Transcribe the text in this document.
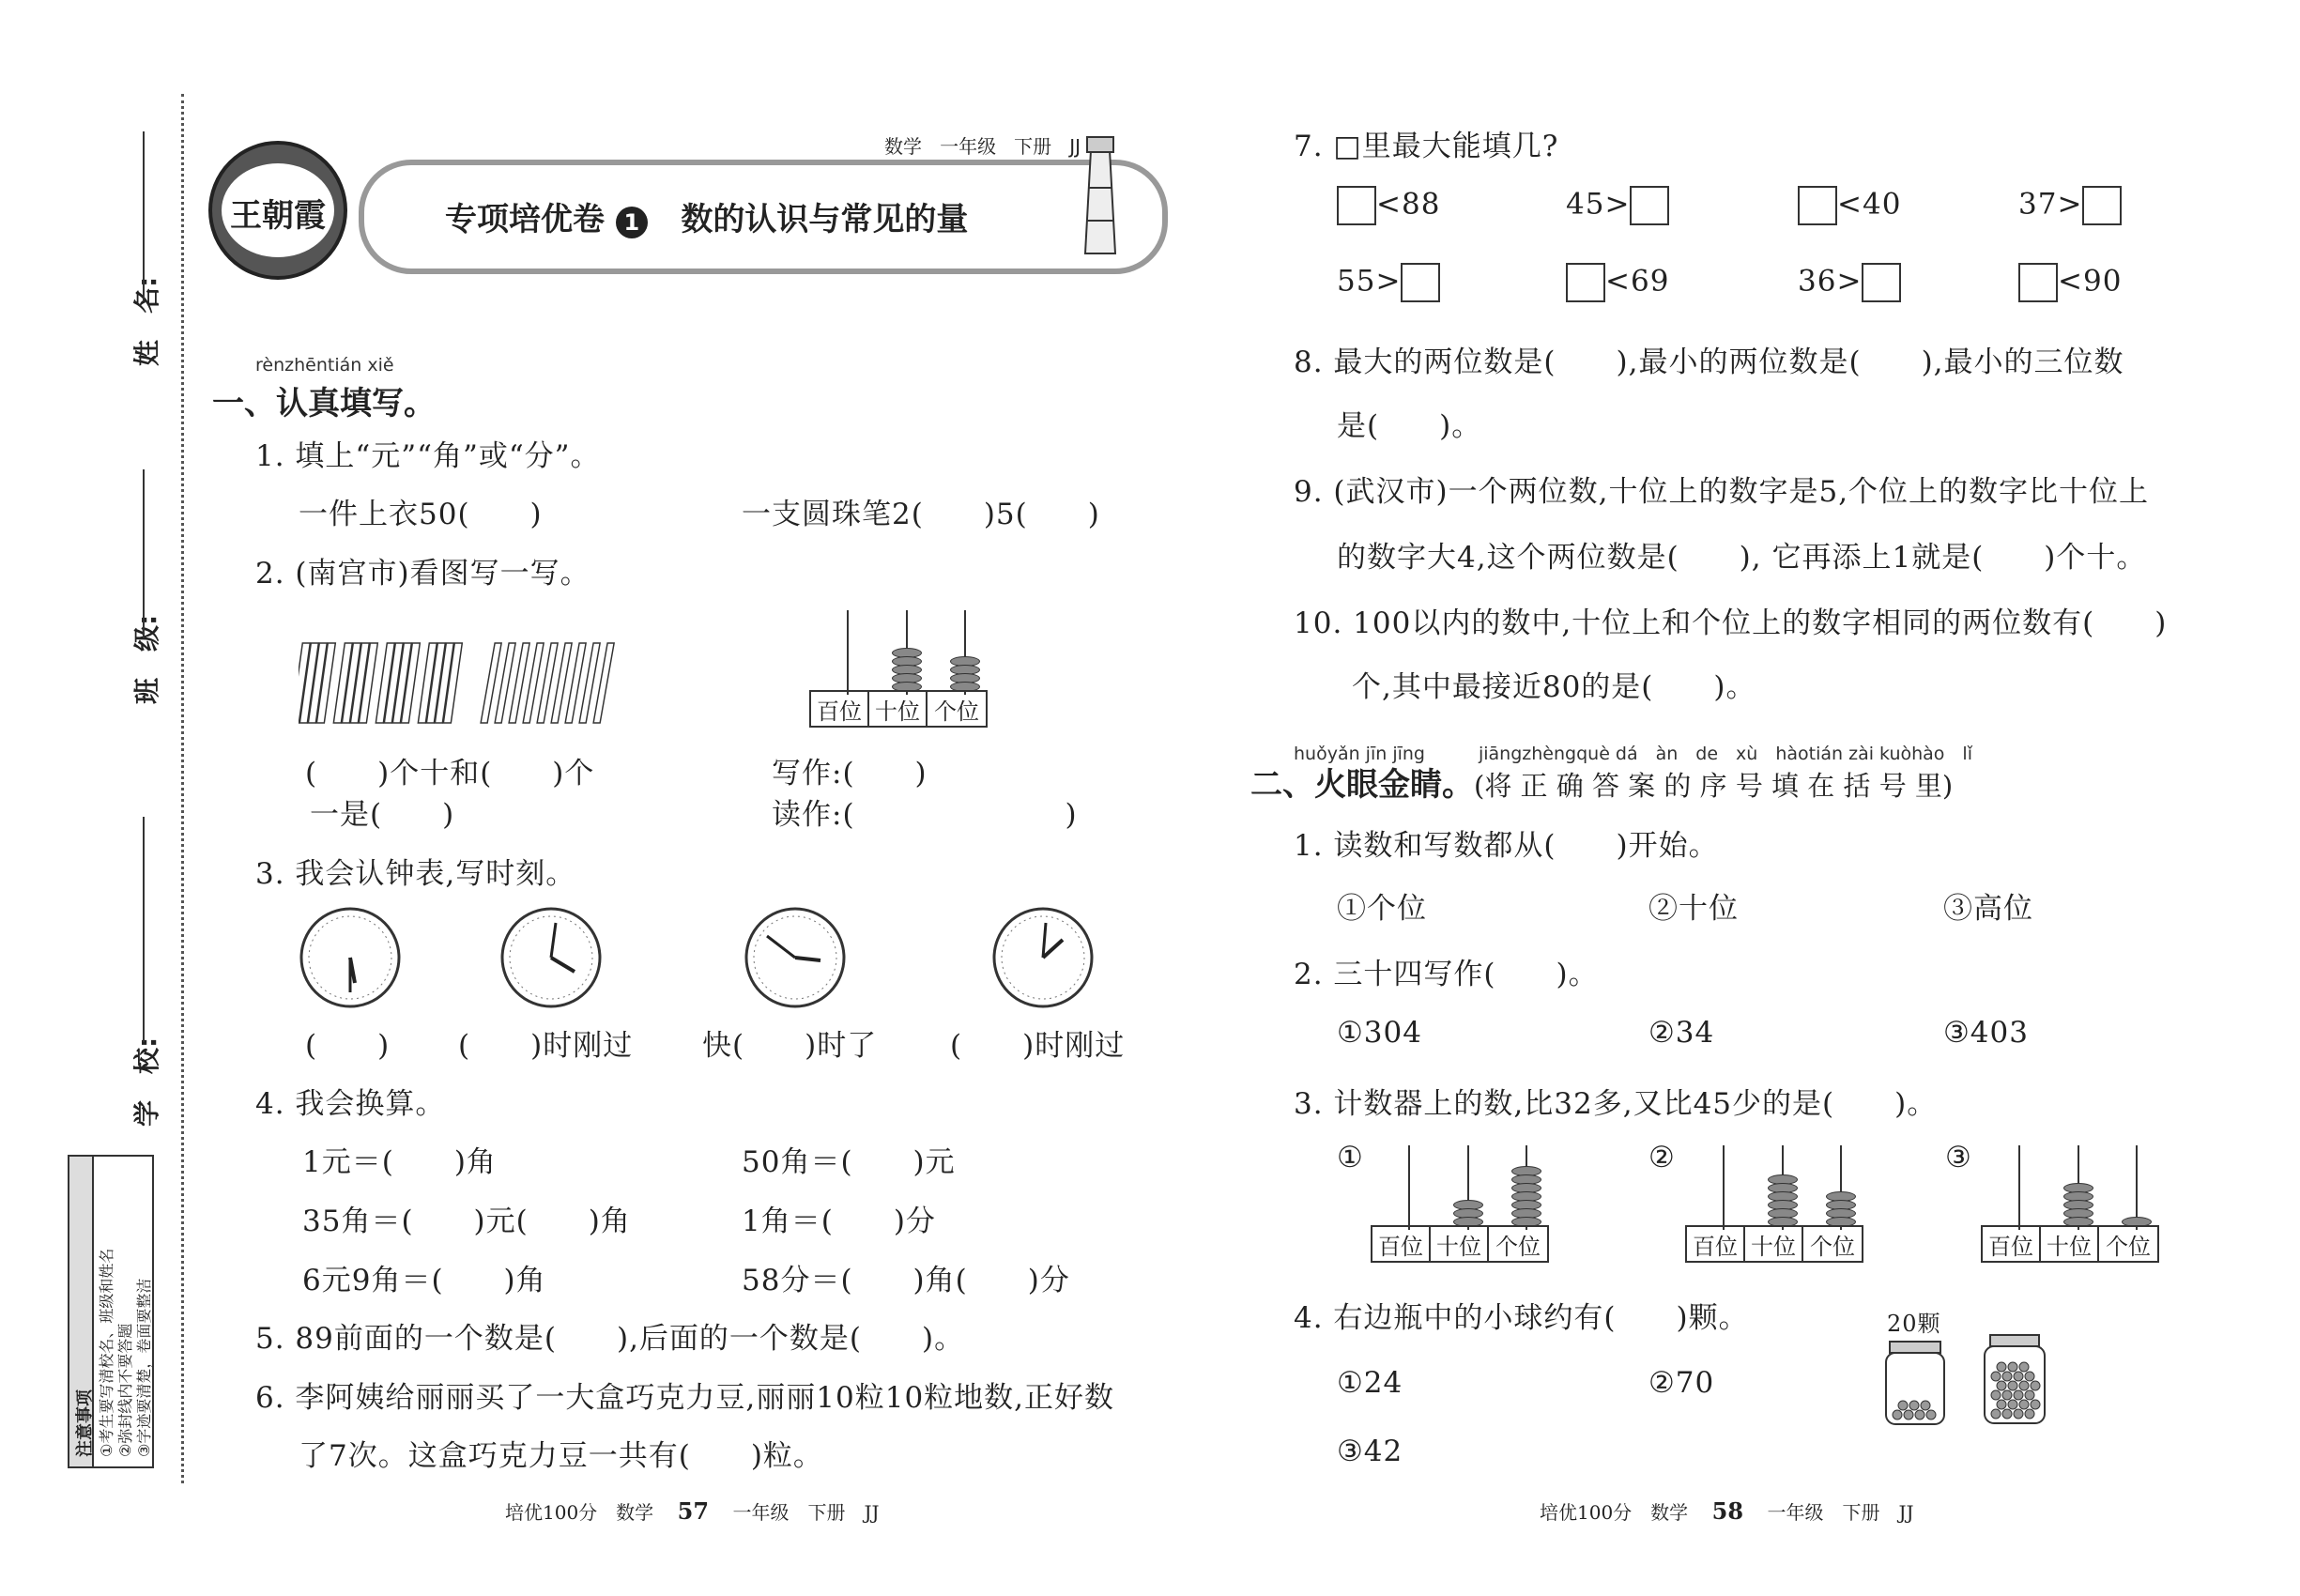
姓　名:
班　级:
学　校:
注意事项 ①考生要写清校名、班级和姓名 ②弥封线内不要答题 ③字迹要清楚，卷面要整洁
王朝霞
数学 一年级 下册 JJ
专项培优卷 1 数的认识与常见的量
rènzhēntián xiě
一、认真填写。
1. 填上“元”“角”或“分”。
一件上衣50(　　)	一支圆珠笔2(　　)5(　　)
2. (南宫市)看图写一写。
百位 十位 个位
(　　)个十和(　　)个
一是(　　)
写作:(　　)
读作:(　　　　　　　)
3. 我会认钟表,写时刻。
(　　) (　　)时刚过 快(　　)时了	(　　)时刚过
4. 我会换算。
1元＝(　　)角	50角＝(　　)元
35角＝(　　)元(　　)角	1角＝(　　)分
6元9角＝(　　)角	58分＝(　　)角(　　)分
5. 89前面的一个数是(　　),后面的一个数是(　　)。
6. 李阿姨给丽丽买了一大盒巧克力豆,丽丽10粒10粒地数,正好数
了7次。这盒巧克力豆一共有(　　)粒。
7. □里最大能填几?
<88	45>	<40	37>
55>	<69	36>	<90
8. 最大的两位数是(　　),最小的两位数是(　　),最小的三位数
是(　　)。
9. (武汉市)一个两位数,十位上的数字是5,个位上的数字比十位上
的数字大4,这个两位数是(　　), 它再添上1就是(　　)个十。
10. 100以内的数中,十位上和个位上的数字相同的两位数有(　　)
个,其中最接近80的是(　　)。
huǒyǎn jīn jīng　　　jiāngzhèngquè dá　àn　de　xù　hàotián zài kuòhào　lǐ
二、火眼金睛。(将 正 确 答 案 的 序 号 填 在 括 号 里)
1. 读数和写数都从(　　)开始。
①个位	②十位	③高位
2. 三十四写作(　　)。
①304	②34	③403
3. 计数器上的数,比32多,又比45少的是(　　)。
①
百位 十位 个位
②
百位 十位 个位
③
百位 十位 个位
4. 右边瓶中的小球约有(　　)颗。	20颗
①24	②70
③42
培优100分　数学 57 一年级　下册　JJ	培优100分　数学 58 一年级　下册　JJ
